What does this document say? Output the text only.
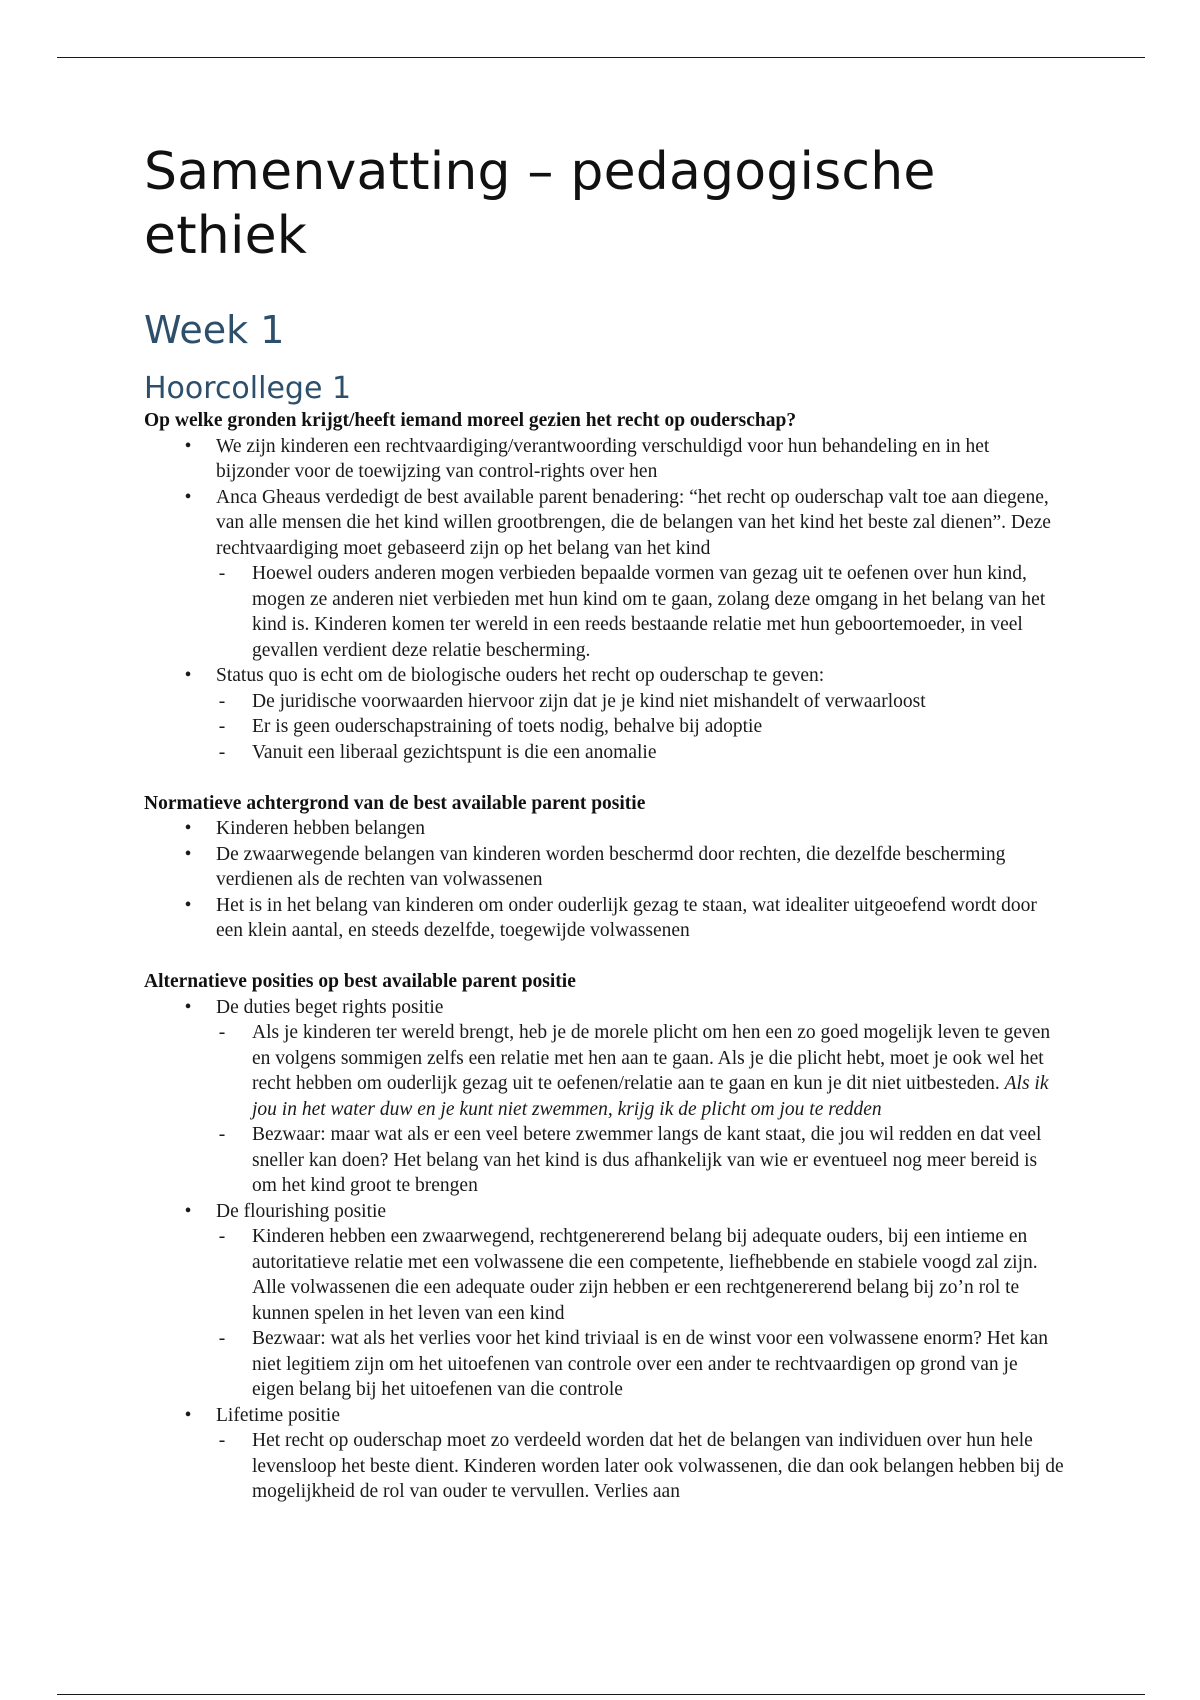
Samenvatting – pedagogische ethiek
Week 1
Hoorcollege 1

Op welke gronden krijgt/heeft iemand moreel gezien het recht op ouderschap?

• We zijn kinderen een rechtvaardiging/verantwoording verschuldigd voor hun behandeling en in het bijzonder voor de toewijzing van control-rights over hen
• Anca Gheaus verdedigt de best available parent benadering: “het recht op ouderschap valt toe aan diegene, van alle mensen die het kind willen grootbrengen, die de belangen van het kind het beste zal dienen”. Deze rechtvaardiging moet gebaseerd zijn op het belang van het kind
- Hoewel ouders anderen mogen verbieden bepaalde vormen van gezag uit te oefenen over hun kind, mogen ze anderen niet verbieden met hun kind om te gaan, zolang deze omgang in het belang van het kind is. Kinderen komen ter wereld in een reeds bestaande relatie met hun geboortemoeder, in veel gevallen verdient deze relatie bescherming.
• Status quo is echt om de biologische ouders het recht op ouderschap te geven:
- De juridische voorwaarden hiervoor zijn dat je je kind niet mishandelt of verwaarloost
- Er is geen ouderschapstraining of toets nodig, behalve bij adoptie
- Vanuit een liberaal gezichtspunt is die een anomalie

Normatieve achtergrond van de best available parent positie

• Kinderen hebben belangen
• De zwaarwegende belangen van kinderen worden beschermd door rechten, die dezelfde bescherming verdienen als de rechten van volwassenen
• Het is in het belang van kinderen om onder ouderlijk gezag te staan, wat idealiter uitgeoefend wordt door een klein aantal, en steeds dezelfde, toegewijde volwassenen

Alternatieve posities op best available parent positie

• De duties beget rights positie
- Als je kinderen ter wereld brengt, heb je de morele plicht om hen een zo goed mogelijk leven te geven en volgens sommigen zelfs een relatie met hen aan te gaan. Als je die plicht hebt, moet je ook wel het recht hebben om ouderlijk gezag uit te oefenen/relatie aan te gaan en kun je dit niet uitbesteden. Als ik jou in het water duw en je kunt niet zwemmen, krijg ik de plicht om jou te redden
- Bezwaar: maar wat als er een veel betere zwemmer langs de kant staat, die jou wil redden en dat veel sneller kan doen? Het belang van het kind is dus afhankelijk van wie er eventueel nog meer bereid is om het kind groot te brengen
• De flourishing positie
- Kinderen hebben een zwaarwegend, rechtgenererend belang bij adequate ouders, bij een intieme en autoritatieve relatie met een volwassene die een competente, liefhebbende en stabiele voogd zal zijn. Alle volwassenen die een adequate ouder zijn hebben er een rechtgenererend belang bij zo’n rol te kunnen spelen in het leven van een kind
- Bezwaar: wat als het verlies voor het kind triviaal is en de winst voor een volwassene enorm? Het kan niet legitiem zijn om het uitoefenen van controle over een ander te rechtvaardigen op grond van je eigen belang bij het uitoefenen van die controle
• Lifetime positie
- Het recht op ouderschap moet zo verdeeld worden dat het de belangen van individuen over hun hele levensloop het beste dient. Kinderen worden later ook volwassenen, die dan ook belangen hebben bij de mogelijkheid de rol van ouder te vervullen. Verlies aan
